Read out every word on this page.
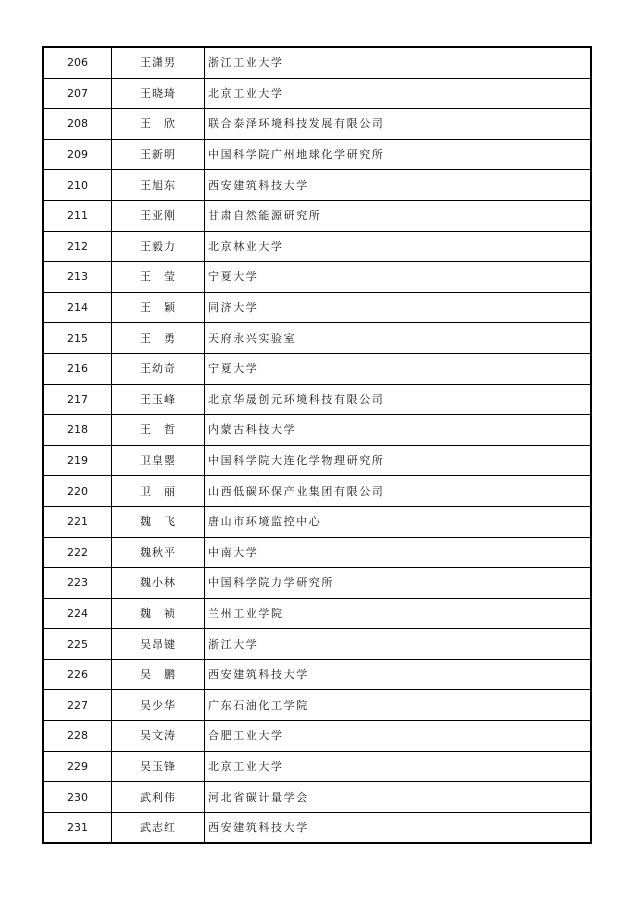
206	王潇男	浙江工业大学
207	王晓琦	北京工业大学
208	王　欣	联合泰泽环境科技发展有限公司
209	王新明	中国科学院广州地球化学研究所
210	王旭东	西安建筑科技大学
211	王亚刚	甘肃自然能源研究所
212	王毅力	北京林业大学
213	王　莹	宁夏大学
214	王　颖	同济大学
215	王　勇	天府永兴实验室
216	王幼奇	宁夏大学
217	王玉峰	北京华晟创元环境科技有限公司
218	王　哲	内蒙古科技大学
219	卫皇瞾	中国科学院大连化学物理研究所
220	卫　丽	山西低碳环保产业集团有限公司
221	魏　飞	唐山市环境监控中心
222	魏秋平	中南大学
223	魏小林	中国科学院力学研究所
224	魏　祯	兰州工业学院
225	吴昂键	浙江大学
226	吴　鹏	西安建筑科技大学
227	吴少华	广东石油化工学院
228	吴文涛	合肥工业大学
229	吴玉锋	北京工业大学
230	武利伟	河北省碳计量学会
231	武志红	西安建筑科技大学
